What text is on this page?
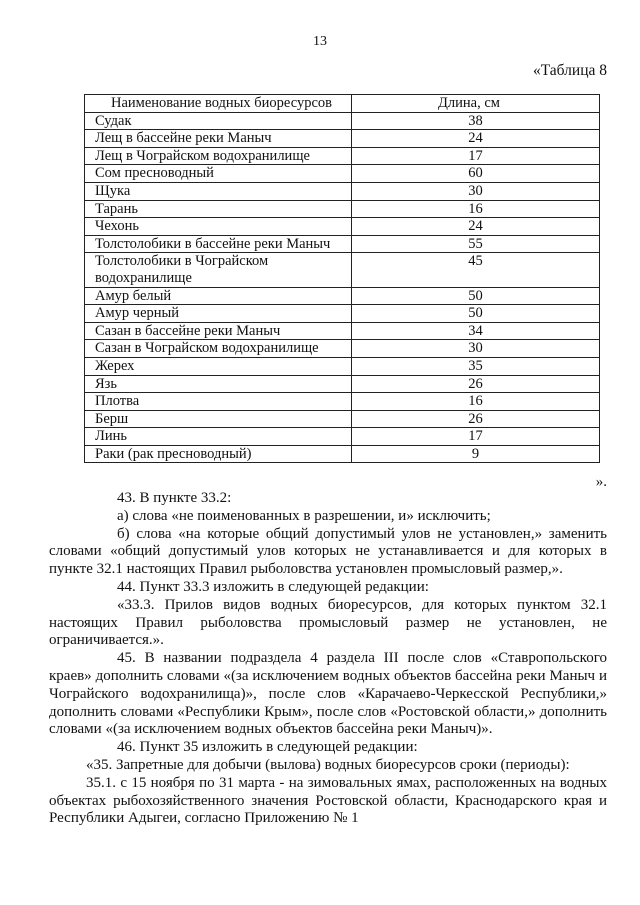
13
«Таблица 8
Наименование водных биоресурсов	Длина, см
Судак	38
Лещ в бассейне реки Маныч	24
Лещ в Чограйском водохранилище	17
Сом пресноводный	60
Щука	30
Тарань	16
Чехонь	24
Толстолобики в бассейне реки Маныч	55
Толстолобики в Чограйском водохранилище	45
Амур белый	50
Амур черный	50
Сазан в бассейне реки Маныч	34
Сазан в Чограйском водохранилище	30
Жерех	35
Язь	26
Плотва	16
Берш	26
Линь	17
Раки (рак пресноводный)	9
».

43. В пункте 33.2:

а) слова «не поименованных в разрешении, и» исключить;

б) слова «на которые общий допустимый улов не установлен,» заменить словами «общий допустимый улов которых не устанавливается и для которых в пункте 32.1 настоящих Правил рыболовства установлен промысловый размер,».

44. Пункт 33.3 изложить в следующей редакции:

«33.3. Прилов видов водных биоресурсов, для которых пунктом 32.1 настоящих Правил рыболовства промысловый размер не установлен, не ограничивается.».

45. В названии подраздела 4 раздела III после слов «Ставропольского краев» дополнить словами «(за исключением водных объектов бассейна реки Маныч и Чограйского водохранилища)», после слов «Карачаево-Черкесской Республики,» дополнить словами «Республики Крым», после слов «Ростовской области,» дополнить словами «(за исключением водных объектов бассейна реки Маныч)».

46. Пункт 35 изложить в следующей редакции:

«35. Запретные для добычи (вылова) водных биоресурсов сроки (периоды):

35.1. с 15 ноября по 31 марта - на зимовальных ямах, расположенных на водных объектах рыбохозяйственного значения Ростовской области, Краснодарского края и Республики Адыгеи, согласно Приложению № 1
